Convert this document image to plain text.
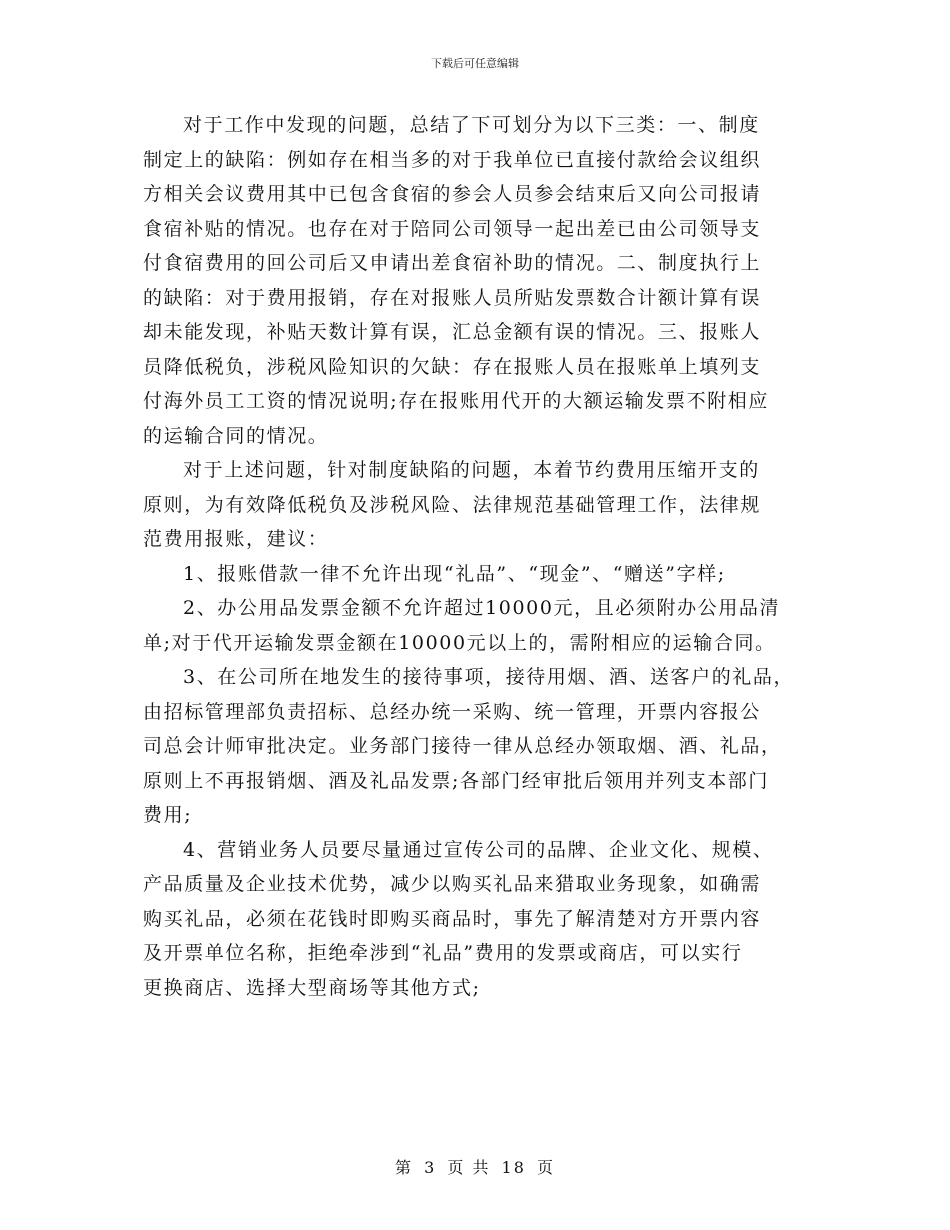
下载后可任意编辑
对于工作中发现的问题，总结了下可划分为以下三类：一、制度
制定上的缺陷：例如存在相当多的对于我单位已直接付款给会议组织
方相关会议费用其中已包含食宿的参会人员参会结束后又向公司报请
食宿补贴的情况。也存在对于陪同公司领导一起出差已由公司领导支
付食宿费用的回公司后又申请出差食宿补助的情况。二、制度执行上
的缺陷：对于费用报销，存在对报账人员所贴发票数合计额计算有误
却未能发现，补贴天数计算有误，汇总金额有误的情况。三、报账人
员降低税负，涉税风险知识的欠缺：存在报账人员在报账单上填列支
付海外员工工资的情况说明;存在报账用代开的大额运输发票不附相应
的运输合同的情况。
对于上述问题，针对制度缺陷的问题，本着节约费用压缩开支的
原则，为有效降低税负及涉税风险、法律规范基础管理工作，法律规
范费用报账，建议：
1、报账借款一律不允许出现“礼品”、“现金”、“赠送”字样;
2、办公用品发票金额不允许超过10000元，且必须附办公用品清
单;对于代开运输发票金额在10000元以上的，需附相应的运输合同。
3、在公司所在地发生的接待事项，接待用烟、酒、送客户的礼品，
由招标管理部负责招标、总经办统一采购、统一管理，开票内容报公
司总会计师审批决定。业务部门接待一律从总经办领取烟、酒、礼品，
原则上不再报销烟、酒及礼品发票;各部门经审批后领用并列支本部门
费用;
4、营销业务人员要尽量通过宣传公司的品牌、企业文化、规模、
产品质量及企业技术优势，减少以购买礼品来猎取业务现象，如确需
购买礼品，必须在花钱时即购买商品时，事先了解清楚对方开票内容
及开票单位名称，拒绝牵涉到“礼品”费用的发票或商店，可以实行
更换商店、选择大型商场等其他方式;
第 3 页 共 18 页
